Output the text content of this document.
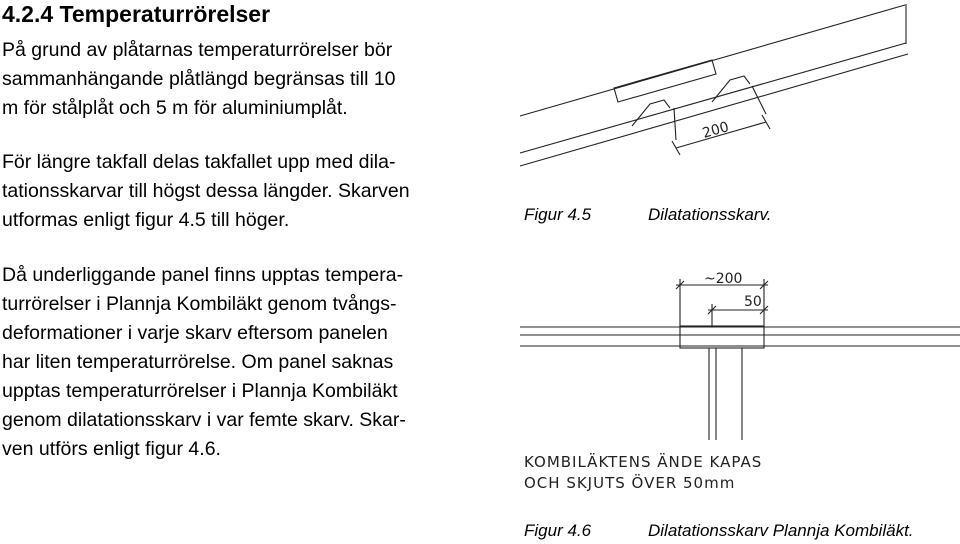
4.2.4 Temperaturrörelser

På grund av plåtarnas temperaturrörelser bör
sammanhängande plåtlängd begränsas till 10
m för stålplåt och 5 m för aluminiumplåt.

För längre takfall delas takfallet upp med dila-
tationsskarvar till högst dessa längder. Skarven
utformas enligt figur 4.5 till höger.

Då underliggande panel finns upptas tempera-
turrörelser i Plannja Kombiläkt genom tvångs-
deformationer i varje skarv eftersom panelen
har liten temperaturrörelse. Om panel saknas
upptas temperaturrörelser i Plannja Kombiläkt
genom dilatationsskarv i var femte skarv. Skar-
ven utförs enligt figur 4.6.

200
~200
50
KOMBILÄKTENS ÄNDE KAPAS
OCH SKJUTS ÖVER 50mm
Figur 4.5	Dilatationsskarv.
Figur 4.6	Dilatationsskarv Plannja Kombiläkt.
